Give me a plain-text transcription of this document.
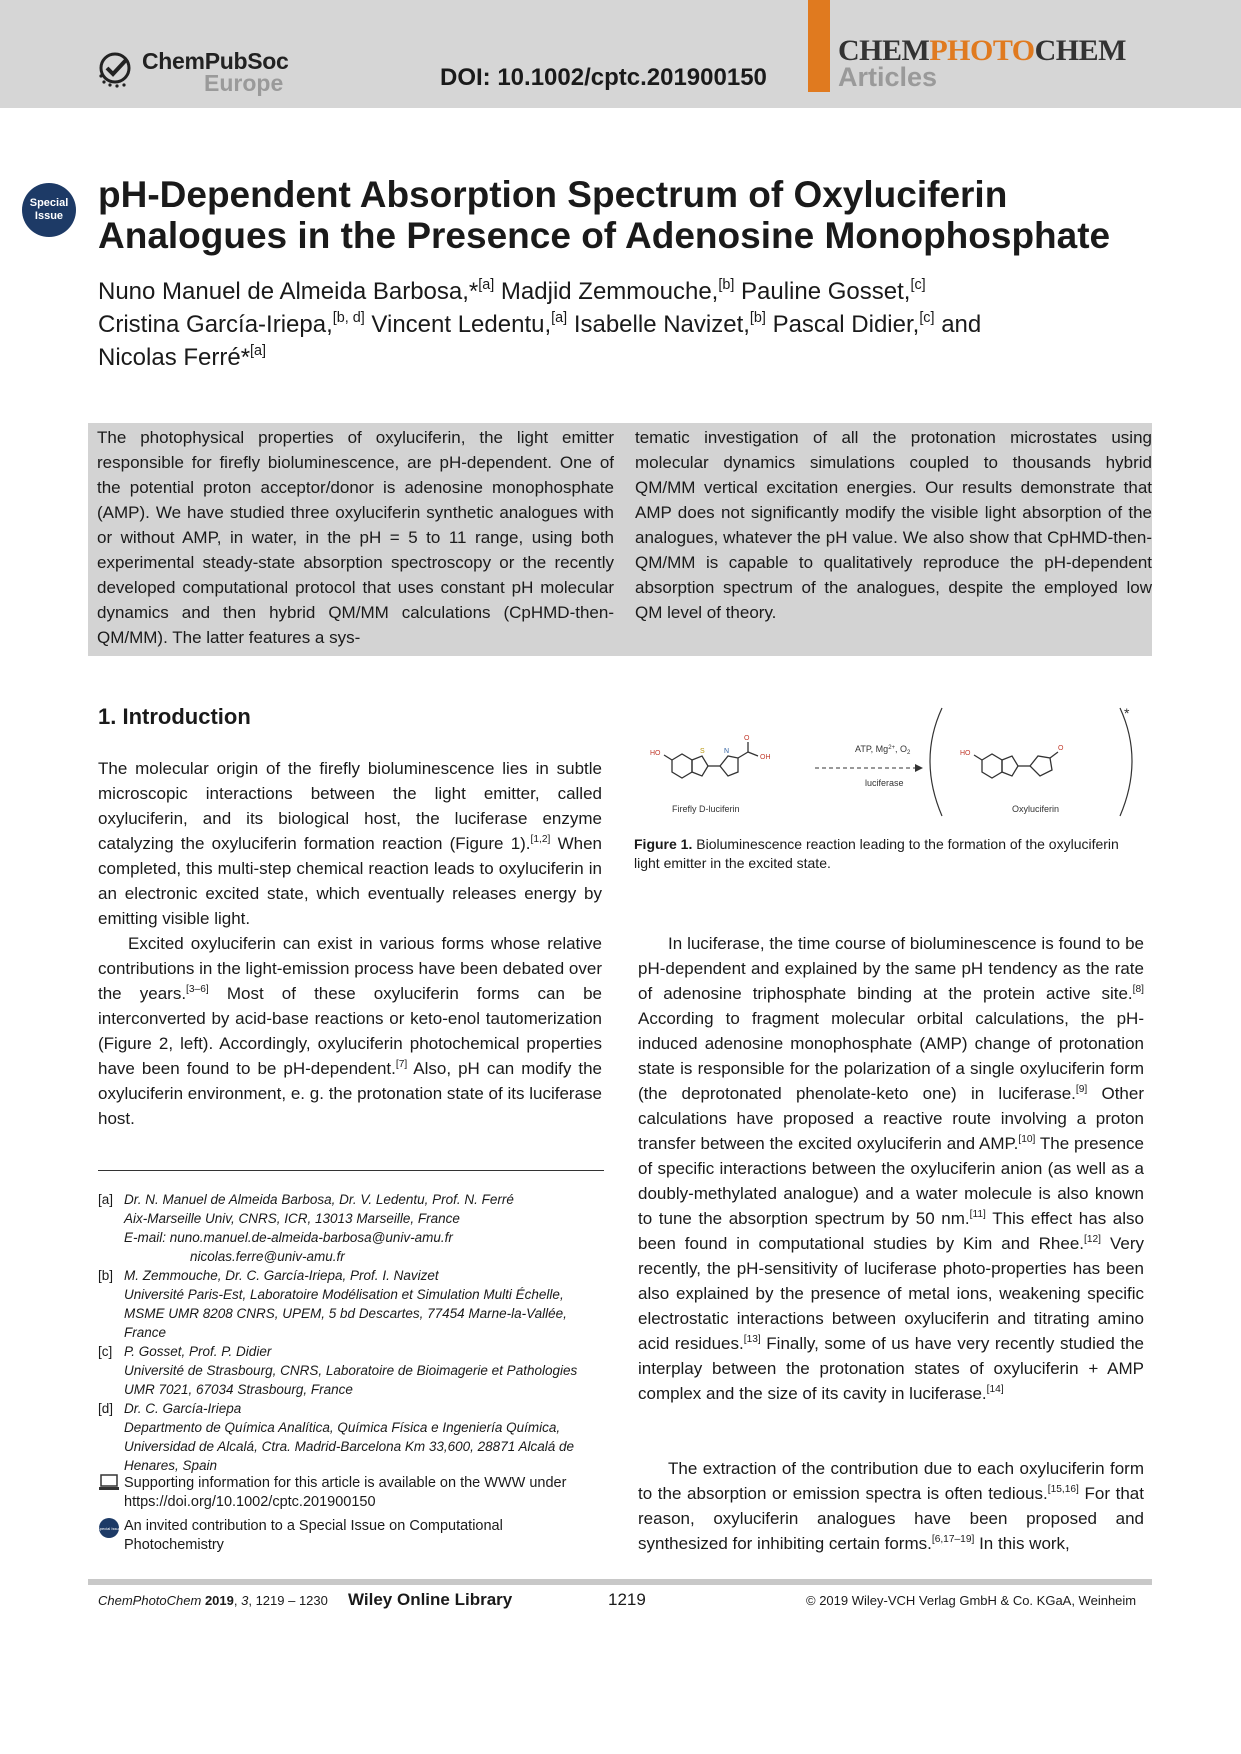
ChemPubSoc
Europe	DOI: 10.1002/cptc.201900150
CHEMPHOTOCHEM
Articles
Special
Issue
pH-Dependent Absorption Spectrum of Oxyluciferin Analogues in the Presence of Adenosine Monophosphate
Nuno Manuel de Almeida Barbosa,*[a] Madjid Zemmouche,[b] Pauline Gosset,[c]
Cristina García-Iriepa,[b, d] Vincent Ledentu,[a] Isabelle Navizet,[b] Pascal Didier,[c] and
Nicolas Ferré*[a]
The photophysical properties of oxyluciferin, the light emitter responsible for firefly bioluminescence, are pH-dependent. One of the potential proton acceptor/donor is adenosine monophosphate (AMP). We have studied three oxyluciferin synthetic analogues with or without AMP, in water, in the pH = 5 to 11 range, using both experimental steady-state absorption spectroscopy or the recently developed computational protocol that uses constant pH molecular dynamics and then hybrid QM/MM calculations (CpHMD-then-QM/MM). The latter features a sys-
tematic investigation of all the protonation microstates using molecular dynamics simulations coupled to thousands hybrid QM/MM vertical excitation energies. Our results demonstrate that AMP does not significantly modify the visible light absorption of the analogues, whatever the pH value. We also show that CpHMD-then-QM/MM is capable to qualitatively reproduce the pH-dependent absorption spectrum of the analogues, despite the employed low QM level of theory.
1. Introduction
The molecular origin of the firefly bioluminescence lies in subtle microscopic interactions between the light emitter, called oxyluciferin, and its biological host, the luciferase enzyme catalyzing the oxyluciferin formation reaction (Figure 1).[1,2] When completed, this multi-step chemical reaction leads to oxyluciferin in an electronic excited state, which eventually releases energy by emitting visible light.
Excited oxyluciferin can exist in various forms whose relative contributions in the light-emission process have been debated over the years.[3–6] Most of these oxyluciferin forms can be interconverted by acid-base reactions or keto-enol tautomerization (Figure 2, left). Accordingly, oxyluciferin photochemical properties have been found to be pH-dependent.[7] Also, pH can modify the oxyluciferin environment, e. g. the protonation state of its luciferase host.
HO	S	N
O
OH
Firefly D-luciferin
ATP, $Mg^{2+}$, $O_2$
luciferase
*
HO
O
Oxyluciferin
Figure 1. Bioluminescence reaction leading to the formation of the oxyluciferin light emitter in the excited state.
In luciferase, the time course of bioluminescence is found to be pH-dependent and explained by the same pH tendency as the rate of adenosine triphosphate binding at the protein active site.[8] According to fragment molecular orbital calculations, the pH-induced adenosine monophosphate (AMP) change of protonation state is responsible for the polarization of a single oxyluciferin form (the deprotonated phenolate-keto one) in luciferase.[9] Other calculations have proposed a reactive route involving a proton transfer between the excited oxyluciferin and AMP.[10] The presence of specific interactions between the oxyluciferin anion (as well as a doubly-methylated analogue) and a water molecule is also known to tune the absorption spectrum by 50 nm.[11] This effect has also been found in computational studies by Kim and Rhee.[12] Very recently, the pH-sensitivity of luciferase photo-properties has been also explained by the presence of metal ions, weakening specific electrostatic interactions between oxyluciferin and titrating amino acid residues.[13] Finally, some of us have very recently studied the interplay between the protonation states of oxyluciferin + AMP complex and the size of its cavity in luciferase.[14]
The extraction of the contribution due to each oxyluciferin form to the absorption or emission spectra is often tedious.[15,16] For that reason, oxyluciferin analogues have been proposed and synthesized for inhibiting certain forms.[6,17–19] In this work,
[a] Dr. N. Manuel de Almeida Barbosa, Dr. V. Ledentu, Prof. N. Ferré
Aix-Marseille Univ, CNRS, ICR, 13013 Marseille, France
E-mail: nuno.manuel.de-almeida-barbosa@univ-amu.fr
nicolas.ferre@univ-amu.fr
[b] M. Zemmouche, Dr. C. García-Iriepa, Prof. I. Navizet
Université Paris-Est, Laboratoire Modélisation et Simulation Multi Échelle, MSME UMR 8208 CNRS, UPEM, 5 bd Descartes, 77454 Marne-la-Vallée, France
[c] P. Gosset, Prof. P. Didier
Université de Strasbourg, CNRS, Laboratoire de Bioimagerie et Pathologies UMR 7021, 67034 Strasbourg, France
[d] Dr. C. García-Iriepa
Departmento de Química Analítica, Química Física e Ingeniería Química, Universidad de Alcalá, Ctra. Madrid-Barcelona Km 33,600, 28871 Alcalá de Henares, Spain
Supporting information for this article is available on the WWW under https://doi.org/10.1002/cptc.201900150
Special Issue An invited contribution to a Special Issue on Computational Photochemistry
ChemPhotoChem 2019, 3, 1219 – 1230 Wiley Online Library	1219	© 2019 Wiley-VCH Verlag GmbH & Co. KGaA, Weinheim
